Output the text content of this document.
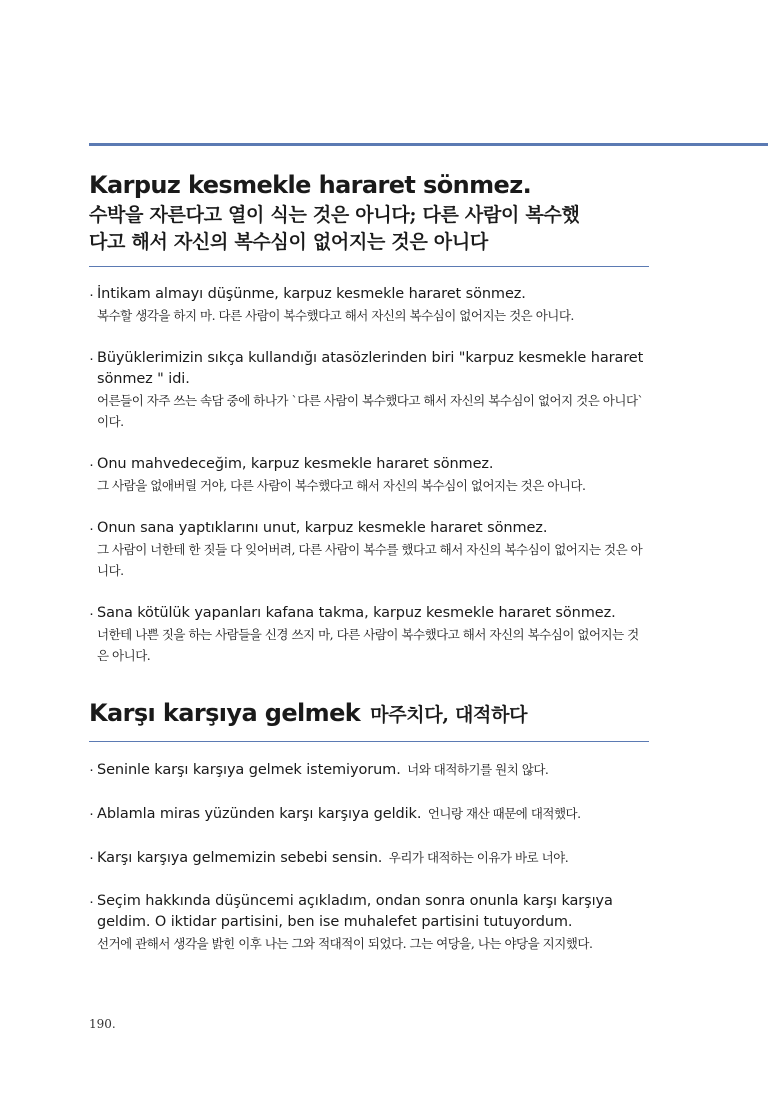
Karpuz kesmekle hararet sönmez.
수박을 자른다고 열이 식는 것은 아니다; 다른 사람이 복수했
다고 해서 자신의 복수심이 없어지는 것은 아니다
· İntikam almayı düşünme, karpuz kesmekle hararet sönmez.
복수할 생각을 하지 마. 다른 사람이 복수했다고 해서 자신의 복수심이 없어지는 것은 아니다.
· Büyüklerimizin sıkça kullandığı atasözlerinden biri "karpuz kesmekle hararet sönmez " idi.
어른들이 자주 쓰는 속담 중에 하나가 `다른 사람이 복수했다고 해서 자신의 복수심이 없어지 것은 아니다`이다.
· Onu mahvedeceğim, karpuz kesmekle hararet sönmez.
그 사람을 없애버릴 거야, 다른 사람이 복수했다고 해서 자신의 복수심이 없어지는 것은 아니다.
· Onun sana yaptıklarını unut, karpuz kesmekle hararet sönmez.
그 사람이 너한테 한 짓들 다 잊어버려, 다른 사람이 복수를 했다고 해서 자신의 복수심이 없어지는 것은 아니다.
· Sana kötülük yapanları kafana takma, karpuz kesmekle hararet sönmez.
너한테 나쁜 짓을 하는 사람들을 신경 쓰지 마, 다른 사람이 복수했다고 해서 자신의 복수심이 없어지는 것은 아니다.
Karşı karşıya gelmek 마주치다, 대적하다
· Seninle karşı karşıya gelmek istemiyorum. 너와 대적하기를 원치 않다.
· Ablamla miras yüzünden karşı karşıya geldik. 언니랑 재산 때문에 대적했다.
· Karşı karşıya gelmemizin sebebi sensin. 우리가 대적하는 이유가 바로 너야.
· Seçim hakkında düşüncemi açıkladım, ondan sonra onunla karşı karşıya geldim. O iktidar partisini, ben ise muhalefet partisini tutuyordum.
선거에 관해서 생각을 밝힌 이후 나는 그와 적대적이 되었다. 그는 여당을, 나는 야당을 지지했다.
190.
